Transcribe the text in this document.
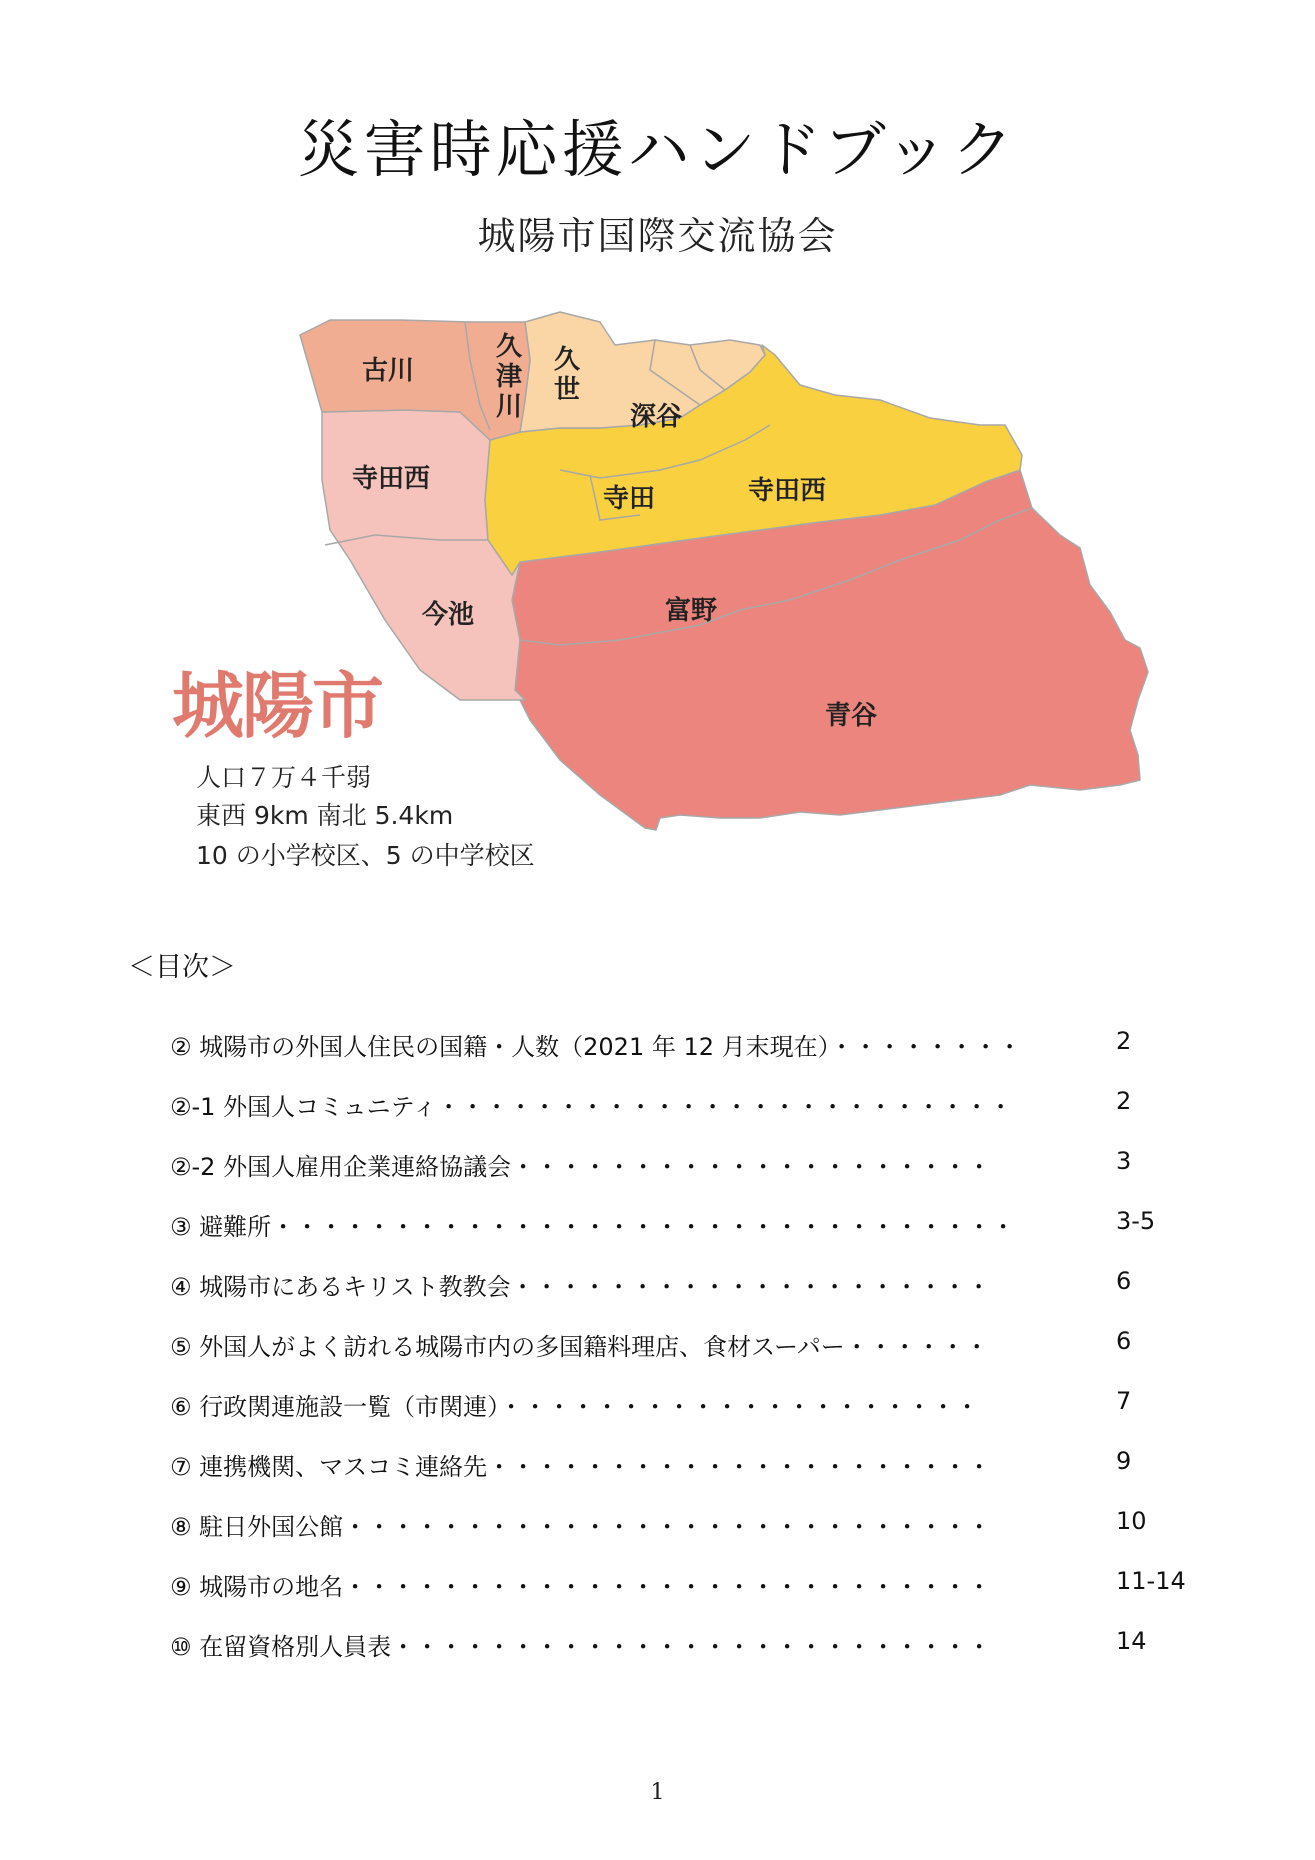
災害時応援ハンドブック
城陽市国際交流協会
古川
久津川
久世
深谷
寺田西
寺田	寺田西
今池	富野
青谷
城陽市
人口７万４千弱
東西 9km 南北 5.4km
10 の小学校区、5 の中学校区
＜目次＞
② 城陽市の外国人住民の国籍・人数（2021 年 12 月末現在）・・・・・・・・	2
②-1 外国人コミュニティ・・・・・・・・・・・・・・・・・・・・・・・・	2
②-2 外国人雇用企業連絡協議会・・・・・・・・・・・・・・・・・・・・	3
③ 避難所・・・・・・・・・・・・・・・・・・・・・・・・・・・・・・・	3-5
④ 城陽市にあるキリスト教教会・・・・・・・・・・・・・・・・・・・・	6
⑤ 外国人がよく訪れる城陽市内の多国籍料理店、食材スーパー・・・・・・	6
⑥ 行政関連施設一覧（市関連）・・・・・・・・・・・・・・・・・・・・	7
⑦ 連携機関、マスコミ連絡先・・・・・・・・・・・・・・・・・・・・・	9
⑧ 駐日外国公館・・・・・・・・・・・・・・・・・・・・・・・・・・・	10
⑨ 城陽市の地名・・・・・・・・・・・・・・・・・・・・・・・・・・・	11-14
⑩ 在留資格別人員表・・・・・・・・・・・・・・・・・・・・・・・・・	14
1
